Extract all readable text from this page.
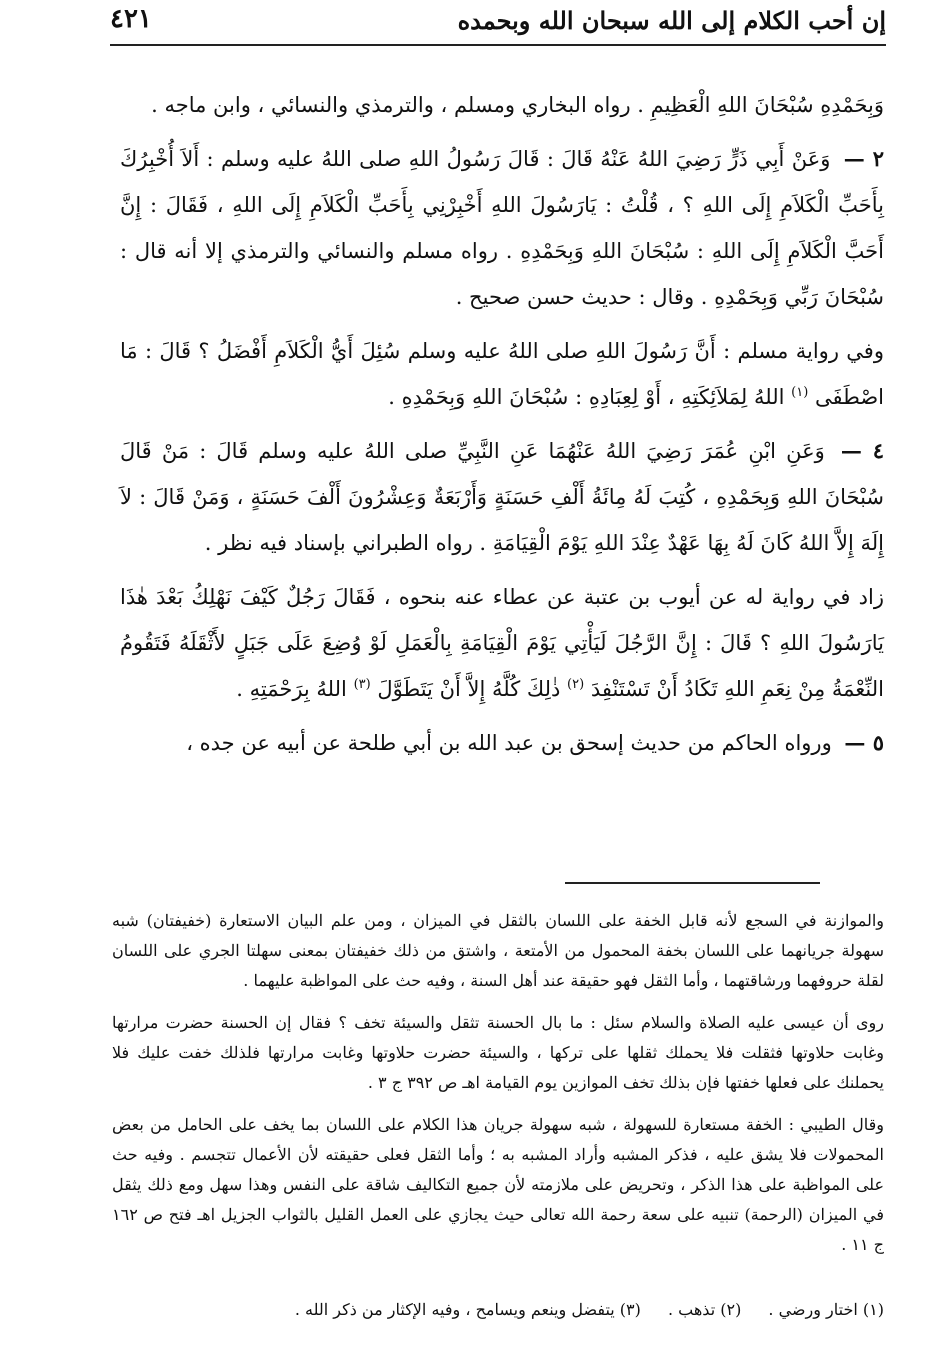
إن أحب الكلام إلى الله سبحان الله وبحمده
٤٢١

وَبِحَمْدِهِ سُبْحَانَ اللهِ الْعَظِيمِ . رواه البخاري ومسلم ، والترمذي والنسائي ، وابن ماجه .

٢ — وَعَنْ أَبِي ذَرٍّ رَضِيَ اللهُ عَنْهُ قَالَ : قَالَ رَسُولُ اللهِ صلى اللهُ عليه وسلم : أَلاَ أُخْبِرُكَ بِأَحَبِّ الْكَلاَمِ إِلَى اللهِ ؟ ، قُلْتُ : يَارَسُولَ اللهِ أَخْبِرْنِي بِأَحَبِّ الْكَلاَمِ إِلَى اللهِ ، فَقَالَ : إِنَّ أَحَبَّ الْكَلاَمِ إِلَى اللهِ : سُبْحَانَ اللهِ وَبِحَمْدِهِ . رواه مسلم والنسائي والترمذي إلا أنه قال : سُبْحَانَ رَبِّي وَبِحَمْدِهِ . وقال : حديث حسن صحيح .

وفي رواية مسلم : أَنَّ رَسُولَ اللهِ صلى اللهُ عليه وسلم سُئِلَ أَيُّ الْكَلاَمِ أَفْضَلُ ؟ قَالَ : مَا اصْطَفَى $^{(١)}$ اللهُ لِمَلاَئِكَتِهِ ، أَوْ لِعِبَادِهِ : سُبْحَانَ اللهِ وَبِحَمْدِهِ .

٤ — وَعَنِ ابْنِ عُمَرَ رَضِيَ اللهُ عَنْهُمَا عَنِ النَّبِيِّ صلى اللهُ عليه وسلم قَالَ : مَنْ قَالَ سُبْحَانَ اللهِ وَبِحَمْدِهِ ، كُتِبَ لَهُ مِائَةُ أَلْفِ حَسَنَةٍ وَأَرْبَعَةٌ وَعِشْرُونَ أَلْفَ حَسَنَةٍ ، وَمَنْ قَالَ : لاَ إِلَهَ إِلاَّ اللهُ كَانَ لَهُ بِهَا عَهْدٌ عِنْدَ اللهِ يَوْمَ الْقِيَامَةِ . رواه الطبراني بإسناد فيه نظر .

زاد في رواية له عن أيوب بن عتبة عن عطاء عنه بنحوه ، فَقَالَ رَجُلٌ كَيْفَ نَهْلِكُ بَعْدَ هٰذَا يَارَسُولَ اللهِ ؟ قَالَ : إِنَّ الرَّجُلَ لَيَأْتِي يَوْمَ الْقِيَامَةِ بِالْعَمَلِ لَوْ وُضِعَ عَلَى جَبَلٍ لأَثْقَلَهُ فَتَقُومُ النِّعْمَةُ مِنْ نِعَمِ اللهِ تَكَادُ أَنْ تَسْتَنْفِدَ $^{(٢)}$ ذٰلِكَ كُلَّهُ إِلاَّ أَنْ يَتَطَوَّلَ $^{(٣)}$ اللهُ بِرَحْمَتِهِ .

٥ — ورواه الحاكم من حديث إسحق بن عبد الله بن أبي طلحة عن أبيه عن جده ،

والموازنة في السجع لأنه قابل الخفة على اللسان بالثقل في الميزان ، ومن علم البيان الاستعارة (خفيفتان) شبه سهولة جريانهما على اللسان بخفة المحمول من الأمتعة ، واشتق من ذلك خفيفتان بمعنى سهلتا الجري على اللسان لقلة حروفهما ورشاقتهما ، وأما الثقل فهو حقيقة عند أهل السنة ، وفيه حث على المواظبة عليهما .

روى أن عيسى عليه الصلاة والسلام سئل : ما بال الحسنة تثقل والسيئة تخف ؟ فقال إن الحسنة حضرت مرارتها وغابت حلاوتها فثقلت فلا يحملك ثقلها على تركها ، والسيئة حضرت حلاوتها وغابت مرارتها فلذلك خفت عليك فلا يحملنك على فعلها خفتها فإن بذلك تخف الموازين يوم القيامة اهـ ص ٣٩٢ ج ٣ .

وقال الطيبي : الخفة مستعارة للسهولة ، شبه سهولة جريان هذا الكلام على اللسان بما يخف على الحامل من بعض المحمولات فلا يشق عليه ، فذكر المشبه وأراد المشبه به ؛ وأما الثقل فعلى حقيقته لأن الأعمال تتجسم . وفيه حث على المواظبة على هذا الذكر ، وتحريض على ملازمته لأن جميع التكاليف شاقة على النفس وهذا سهل ومع ذلك يثقل في الميزان (الرحمة) تنبيه على سعة رحمة الله تعالى حيث يجازي على العمل القليل بالثواب الجزيل اهـ فتح ص ١٦٢ ج ١١ .

(١) اختار ورضي . (٢) تذهب . (٣) يتفضل وينعم ويسامح ، وفيه الإكثار من ذكر الله .
